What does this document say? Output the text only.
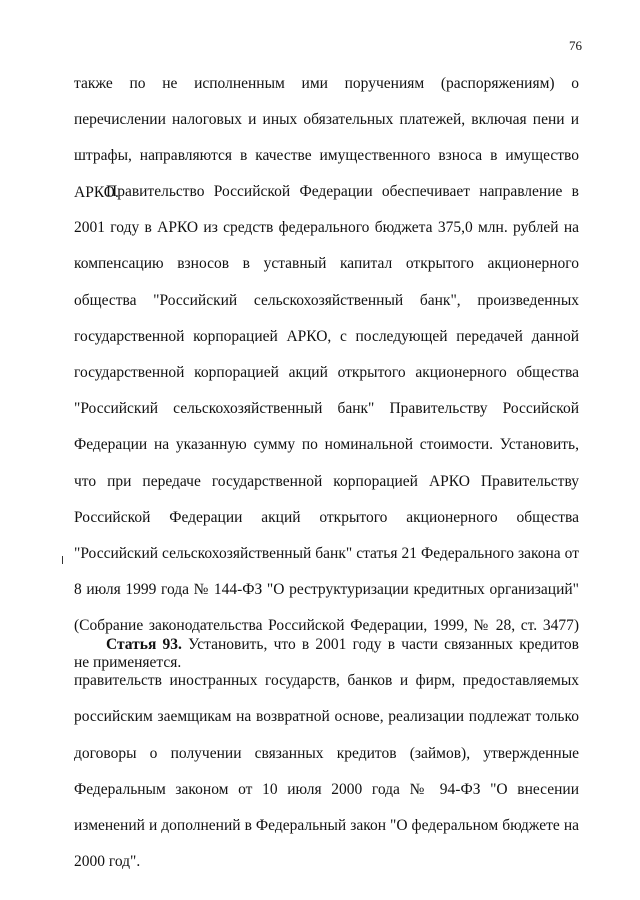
76
также по не исполненным ими поручениям (распоряжениям) о перечислении налоговых и иных обязательных платежей, включая пени и штрафы, направляются в качестве имущественного взноса в имущество АРКО.
Правительство Российской Федерации обеспечивает направление в 2001 году в АРКО из средств федерального бюджета 375,0 млн. рублей на компенсацию взносов в уставный капитал открытого акционерного общества "Российский сельскохозяйственный банк", произведенных государственной корпорацией АРКО, с последующей передачей данной государственной корпорацией акций открытого акционерного общества "Российский сельскохозяйственный банк" Правительству Российской Федерации на указанную сумму по номинальной стоимости. Установить, что при передаче государственной корпорацией АРКО Правительству Российской Федерации акций открытого акционерного общества "Российский сельскохозяйственный банк" статья 21 Федерального закона от 8 июля 1999 года № 144-ФЗ "О реструктуризации кредитных организаций" (Собрание законодательства Российской Федерации, 1999, № 28, ст. 3477) не применяется.
Статья 93. Установить, что в 2001 году в части связанных кредитов правительств иностранных государств, банков и фирм, предоставляемых российским заемщикам на возвратной основе, реализации подлежат только договоры о получении связанных кредитов (займов), утвержденные Федеральным законом от 10 июля 2000 года № 94-ФЗ "О внесении изменений и дополнений в Федеральный закон "О федеральном бюджете на 2000 год".
